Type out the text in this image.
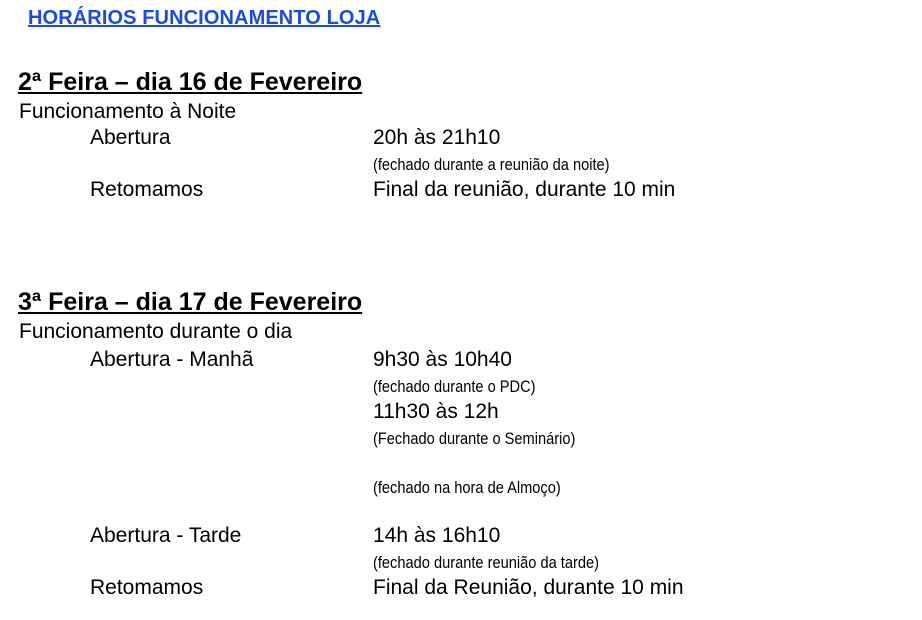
HORÁRIOS FUNCIONAMENTO LOJA
2ª Feira – dia 16 de Fevereiro
Funcionamento à Noite
Abertura	20h às 21h10
(fechado durante a reunião da noite)
Retomamos	Final da reunião, durante 10 min
3ª Feira – dia 17 de Fevereiro
Funcionamento durante o dia
Abertura - Manhã	9h30 às 10h40
(fechado durante o PDC)
11h30 às 12h
(Fechado durante o Seminário)
(fechado na hora de Almoço)
Abertura - Tarde	14h às 16h10
(fechado durante reunião da tarde)
Retomamos	Final da Reunião, durante 10 min
